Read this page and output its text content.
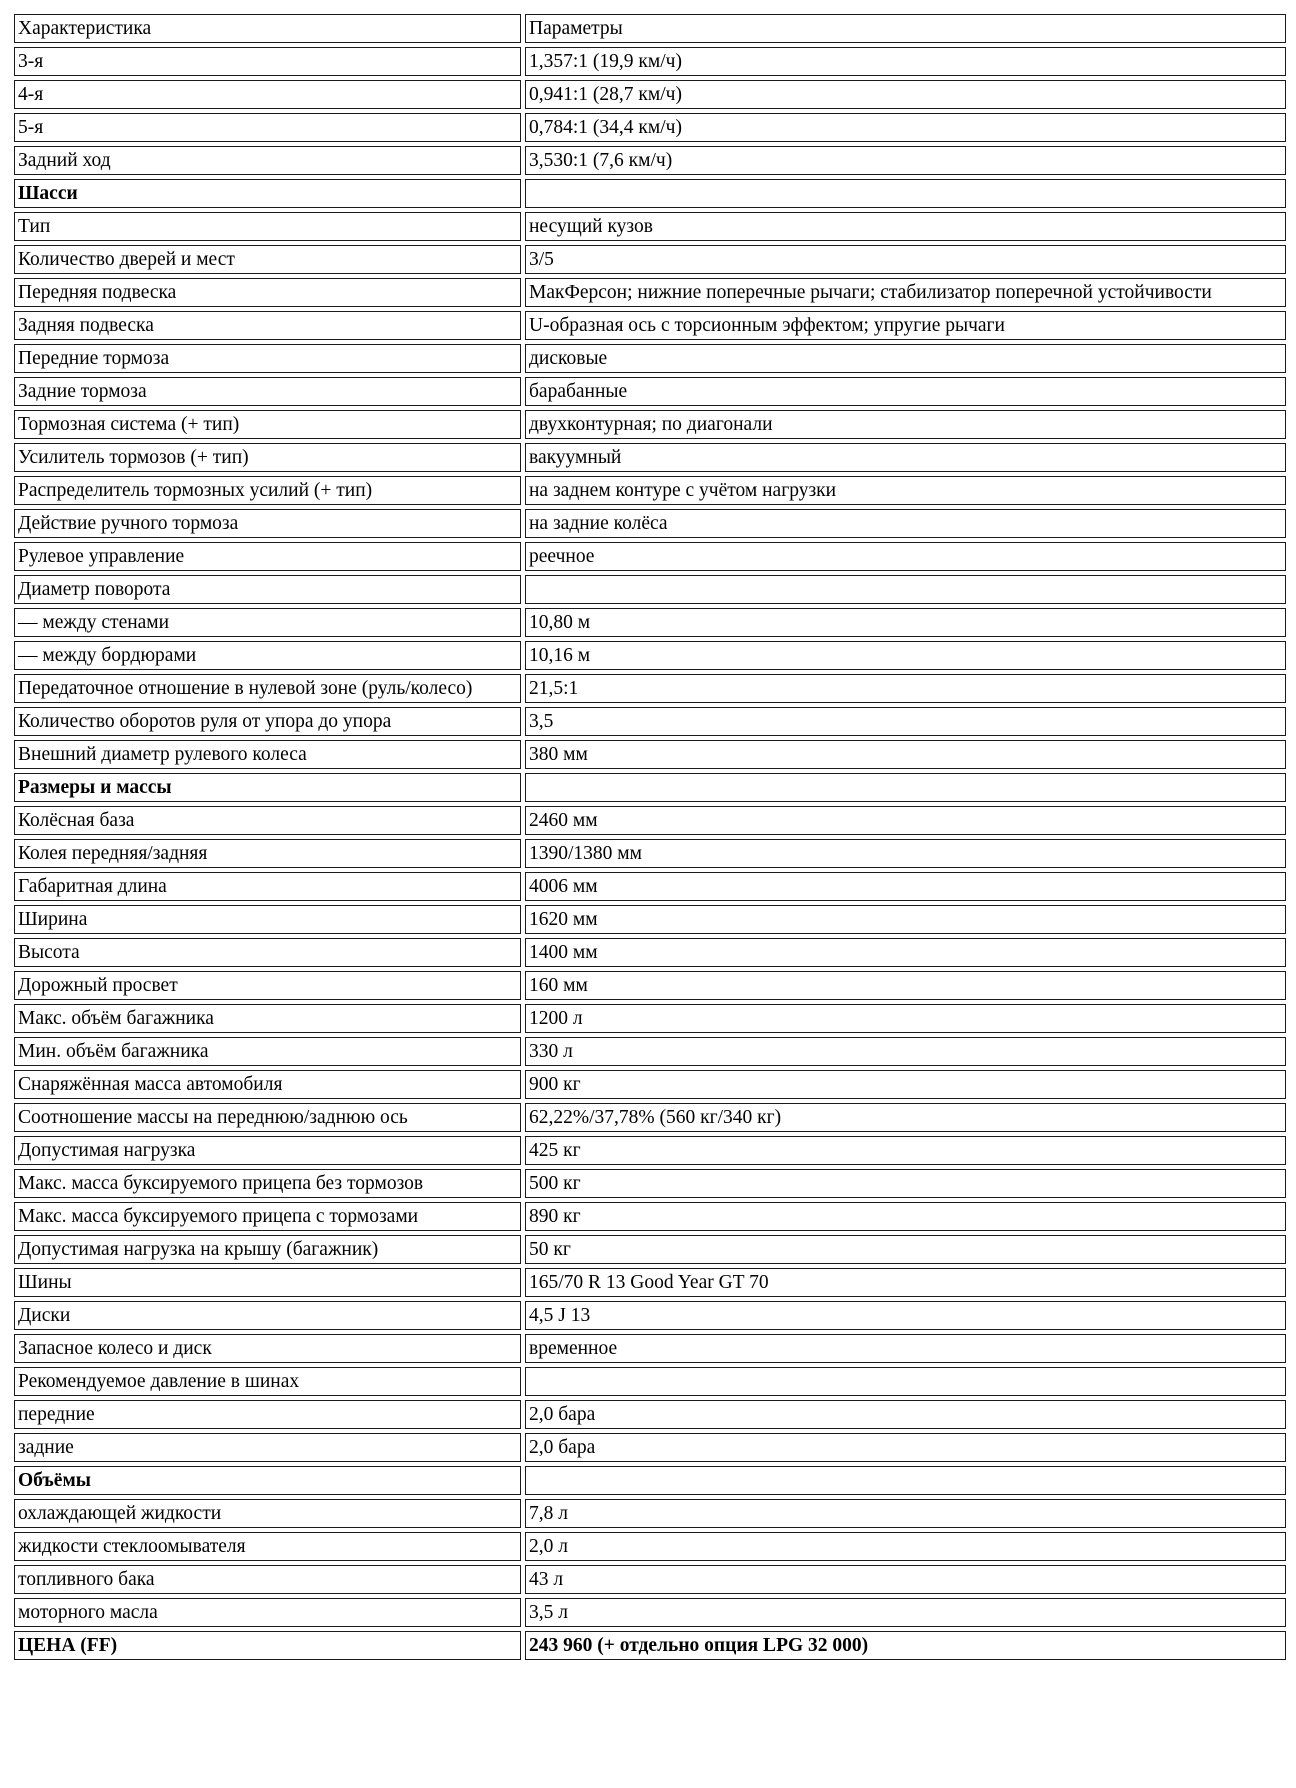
Характеристика	Параметры
3-я	1,357:1 (19,9 км/ч)
4-я	0,941:1 (28,7 км/ч)
5-я	0,784:1 (34,4 км/ч)
Задний ход	3,530:1 (7,6 км/ч)
Шасси	
Тип	несущий кузов
Количество дверей и мест	3/5
Передняя подвеска	МакФерсон; нижние поперечные рычаги; стабилизатор поперечной устойчивости
Задняя подвеска	U-образная ось с торсионным эффектом; упругие рычаги
Передние тормоза	дисковые
Задние тормоза	барабанные
Тормозная система (+ тип)	двухконтурная; по диагонали
Усилитель тормозов (+ тип)	вакуумный
Распределитель тормозных усилий (+ тип)	на заднем контуре с учётом нагрузки
Действие ручного тормоза	на задние колёса
Рулевое управление	реечное
Диаметр поворота	
— между стенами	10,80 м
— между бордюрами	10,16 м
Передаточное отношение в нулевой зоне (руль/колесо)	21,5:1
Количество оборотов руля от упора до упора	3,5
Внешний диаметр рулевого колеса	380 мм
Размеры и массы	
Колёсная база	2460 мм
Колея передняя/задняя	1390/1380 мм
Габаритная длина	4006 мм
Ширина	1620 мм
Высота	1400 мм
Дорожный просвет	160 мм
Макс. объём багажника	1200 л
Мин. объём багажника	330 л
Снаряжённая масса автомобиля	900 кг
Соотношение массы на переднюю/заднюю ось	62,22%/37,78% (560 кг/340 кг)
Допустимая нагрузка	425 кг
Макс. масса буксируемого прицепа без тормозов	500 кг
Макс. масса буксируемого прицепа с тормозами	890 кг
Допустимая нагрузка на крышу (багажник)	50 кг
Шины	165/70 R 13 Good Year GT 70
Диски	4,5 J 13
Запасное колесо и диск	временное
Рекомендуемое давление в шинах	
передние	2,0 бара
задние	2,0 бара
Объёмы	
охлаждающей жидкости	7,8 л
жидкости стеклоомывателя	2,0 л
топливного бака	43 л
моторного масла	3,5 л
ЦЕНА (FF)	243 960 (+ отдельно опция LPG 32 000)
